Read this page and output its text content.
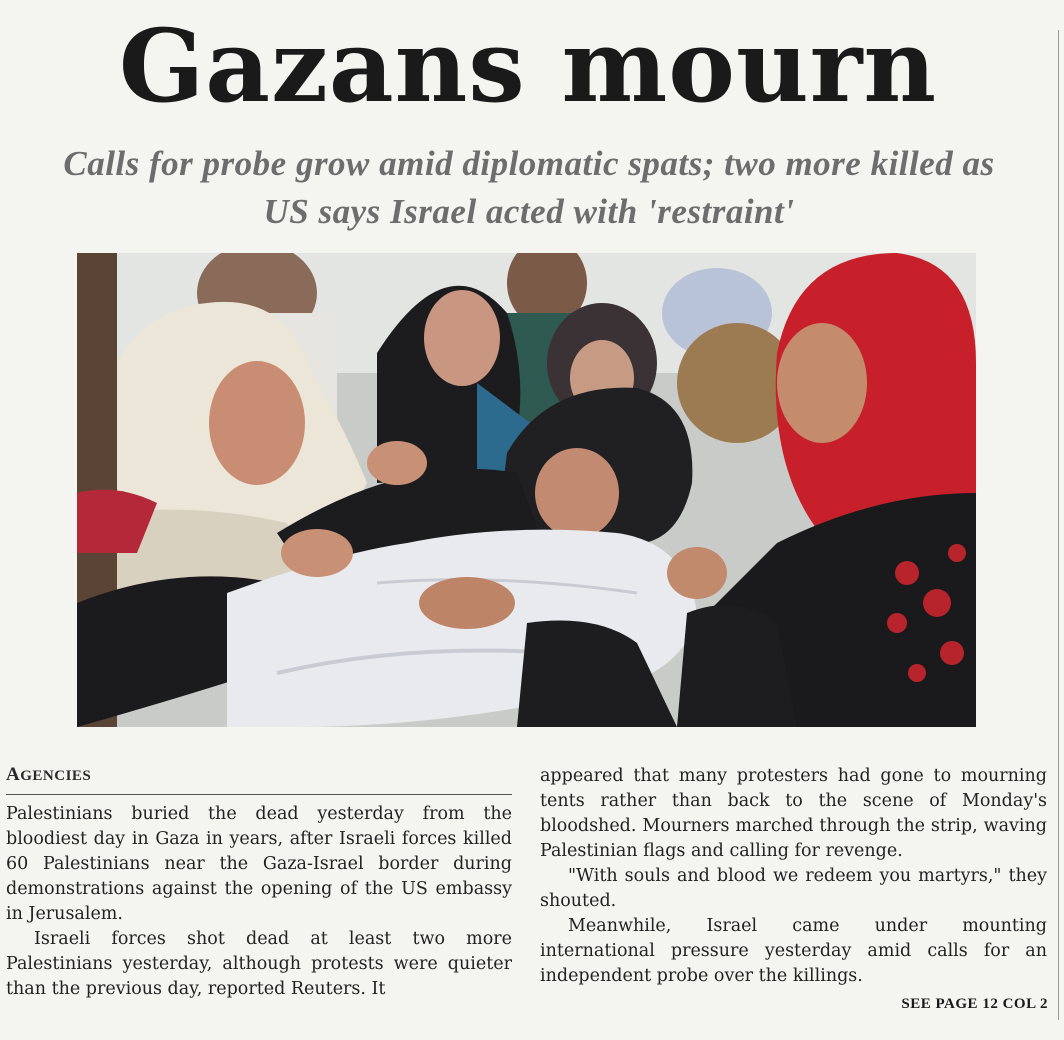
Gazans mourn
Calls for probe grow amid diplomatic spats; two more killed as US says Israel acted with 'restraint'
AGENCIES

Palestinians buried the dead yesterday from the bloodiest day in Gaza in years, after Israeli forces killed 60 Palestinians near the Gaza-Israel border during demonstrations against the opening of the US embassy in Jerusalem.

Israeli forces shot dead at least two more Palestinians yesterday, although protests were quieter than the previous day, reported Reuters. It

appeared that many protesters had gone to mourning tents rather than back to the scene of Monday's bloodshed. Mourners marched through the strip, waving Palestinian flags and calling for revenge.

"With souls and blood we redeem you martyrs," they shouted.

Meanwhile, Israel came under mounting international pressure yesterday amid calls for an independent probe over the killings.

SEE PAGE 12 COL 2
